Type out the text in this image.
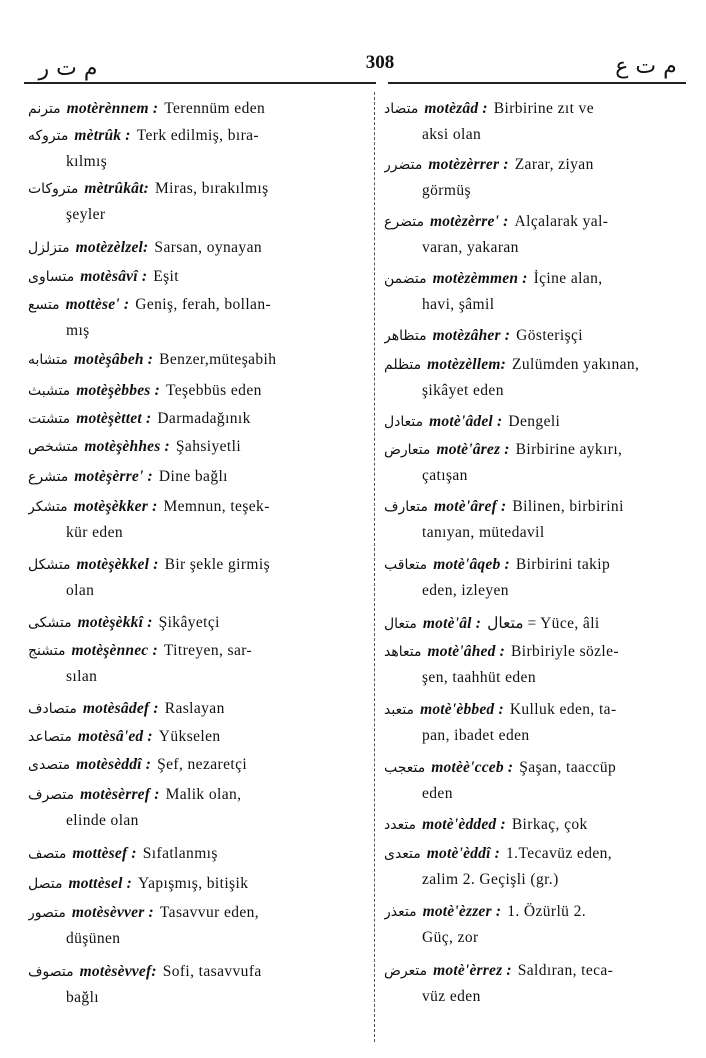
م ت ر	308	م ت ع
مترنم motèrènnem : Terennüm eden
متروكه mètrûk : Terk edilmiş, bıra-
kılmış
متروكات mètrûkât: Miras, bırakılmış
şeyler
متزلزل motèzèlzel: Sarsan, oynayan
متساوى motèsâvî : Eşit
متسع mottèse' : Geniş, ferah, bollan-
mış
متشابه motèşâbeh : Benzer,müteşabih
متشبث motèşèbbes : Teşebbüs eden
متشتت motèşèttet : Darmadağınık
متشخص motèşèhhes : Şahsiyetli
متشرع motèşèrre' : Dine bağlı
متشكر motèşèkker : Memnun, teşek-
kür eden
متشكل motèşèkkel : Bir şekle girmiş
olan
متشكى motèşèkkî : Şikâyetçi
متشنج motèşènnec : Titreyen, sar-
sılan
متصادف motèsâdef : Raslayan
متصاعد motèsâ'ed : Yükselen
متصدى motèsèddî : Şef, nezaretçi
متصرف motèsèrref : Malik olan,
elinde olan
متصف mottèsef : Sıfatlanmış
متصل mottèsel : Yapışmış, bitişik
متصور motèsèvver : Tasavvur eden,
düşünen
متصوف motèsèvvef: Sofi, tasavvufa
bağlı
متضاد motèzâd : Birbirine zıt ve
aksi olan
متضرر motèzèrrer : Zarar, ziyan
görmüş
متضرع motèzèrre' : Alçalarak yal-
varan, yakaran
متضمن motèzèmmen : İçine alan,
havi, şâmil
متظاهر motèzâher : Gösterişçi
متظلم motèzèllem: Zulümden yakınan,
şikâyet eden
متعادل motè'âdel : Dengeli
متعارض motè'ârez : Birbirine aykırı,
çatışan
متعارف motè'âref : Bilinen, birbirini
tanıyan, mütedavil
متعاقب motè'âqeb : Birbirini takip
eden, izleyen
متعال motè'âl : متعال = Yüce, âli
متعاهد motè'âhed : Birbiriyle sözle-
şen, taahhüt eden
متعبد motè'èbbed : Kulluk eden, ta-
pan, ibadet eden
متعجب motèè'cceb : Şaşan, taaccüp
eden
متعدد motè'èdded : Birkaç, çok
متعدى motè'èddî : 1.Tecavüz eden,
zalim 2. Geçişli (gr.)
متعذر motè'èzzer : 1. Özürlü 2.
Güç, zor
متعرض motè'èrrez : Saldıran, teca-
vüz eden
